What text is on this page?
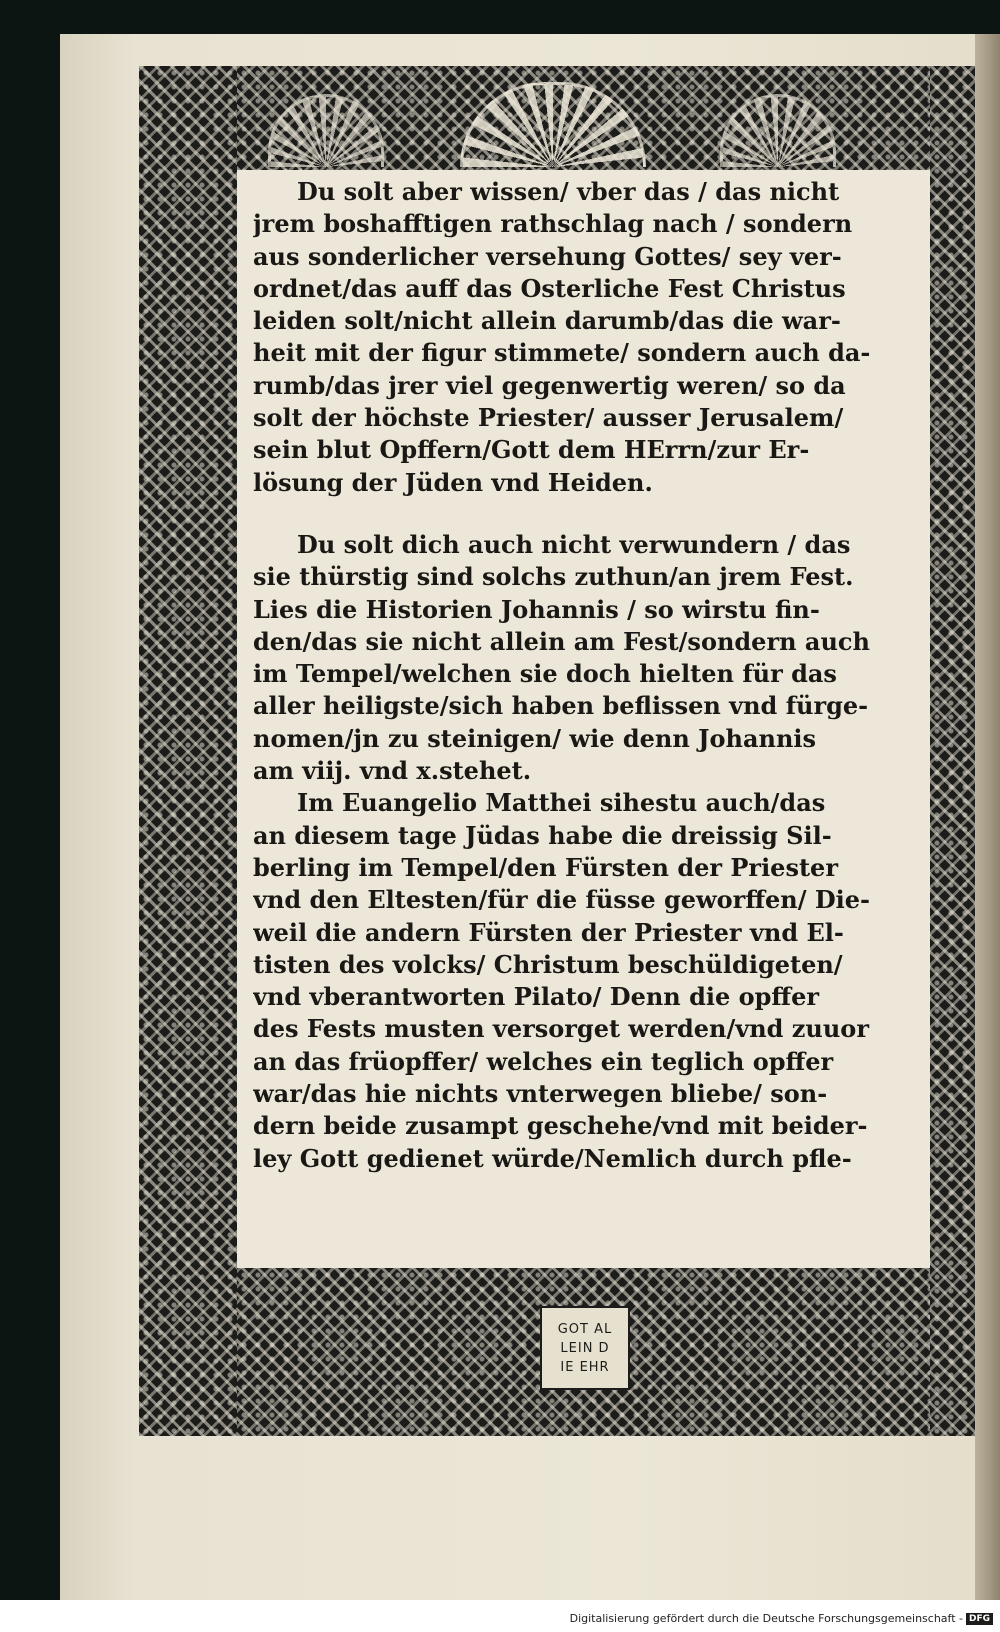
GOT AL
LEIN D
IE EHR
Du solt aber wissen/ vber das / das nicht
jrem boshafftigen rathschlag nach / sondern
aus sonderlicher versehung Gottes/ sey ver-
ordnet/das auff das Osterliche Fest Christus
leiden solt/nicht allein darumb/das die war-
heit mit der figur stimmete/ sondern auch da-
rumb/das jrer viel gegenwertig weren/ so da
solt der höchste Priester/ ausser Jerusalem/
sein blut Opffern/Gott dem HErrn/zur Er-
lösung der Jüden vnd Heiden.
Du solt dich auch nicht verwundern / das
sie thürstig sind solchs zuthun/an jrem Fest.
Lies die Historien Johannis / so wirstu fin-
den/das sie nicht allein am Fest/sondern auch
im Tempel/welchen sie doch hielten für das
aller heiligste/sich haben beflissen vnd fürge-
nomen/jn zu steinigen/ wie denn Johannis
am viij. vnd x.stehet.
Im Euangelio Matthei sihestu auch/das
an diesem tage Jüdas habe die dreissig Sil-
berling im Tempel/den Fürsten der Priester
vnd den Eltesten/für die füsse geworffen/ Die-
weil die andern Fürsten der Priester vnd El-
tisten des volcks/ Christum beschüldigeten/
vnd vberantworten Pilato/ Denn die opffer
des Fests musten versorget werden/vnd zuuor
an das früopffer/ welches ein teglich opffer
war/das hie nichts vnterwegen bliebe/ son-
dern beide zusampt geschehe/vnd mit beider-
ley Gott gedienet würde/Nemlich durch pfle-
Digitalisierung gefördert durch die Deutsche Forschungsgemeinschaft - DFG
